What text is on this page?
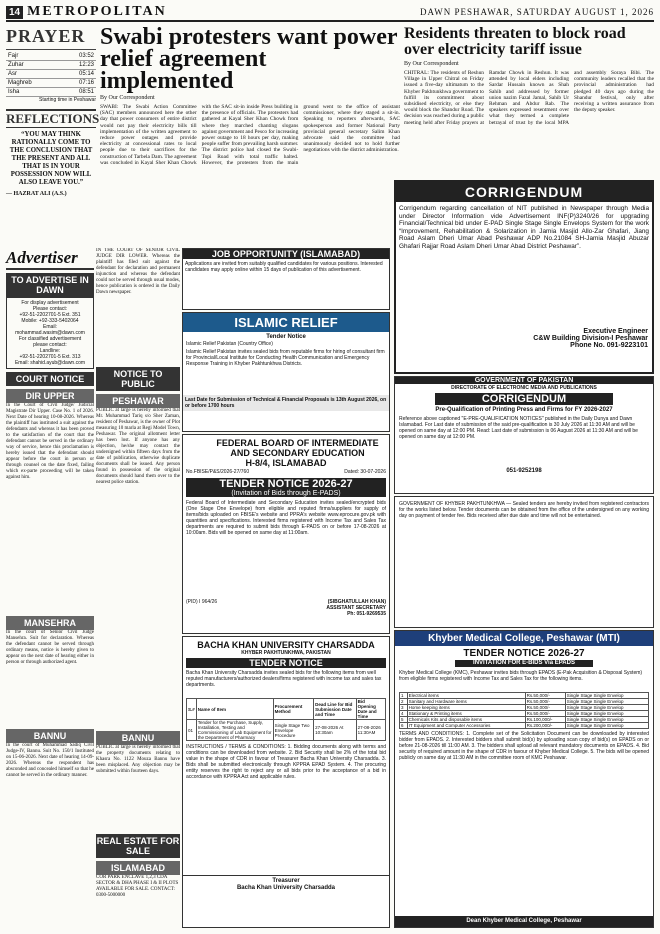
14 METROPOLITAN	DAWN PESHAWAR, SATURDAY AUGUST 1, 2026
PRAYER
Fajr	03:52
Zuhar	12:23
Asr	05:14
Maghreb	07:16
Isha	08:51
Starting time in Peshawar
REFLECTIONS
“YOU MAY THINK RATIONALLY COME TO THE CONCLUSION THAT THE PRESENT AND ALL THAT IS IN YOUR POSSESSION NOW WILL ALSO LEAVE YOU.”
— HAZRAT ALI (A.S.)
Swabi protesters want power relief agreement implemented
By Our Correspondent
SWABI: The Swabi Action Committee (SAC) members announced here the other day that power consumers of entire district would not pay their electricity bills till implementation of the written agreement to reduce power outages and provide electricity at concessional rates to local people due to their sacrifices for the construction of Tarbela Dam. The agreement was concluded in Kayal Sher Khan Chowk with the SAC sit-in inside Press building in the presence of officials. The protesters had gathered at Kayal Sher Khan Chowk from where they marched chanting slogans against government and Pesco for increasing power outage to 18 hours per day, making people suffer from prevailing harsh summer. The district police had closed the Swabi-Topi Road with total traffic halted. However, the protesters from the main ground went to the office of assistant commissioner, where they staged a sit-in. Speaking to reporters afterwards, SAC spokesperson and former National Party provincial general secretary Salim Khan advocate said the committee had unanimously decided not to hold further negotiations with the district administration.
Residents threaten to block road over electricity tariff issue
By Our Correspondent
CHITRAL: The residents of Reshun Village in Upper Chitral on Friday issued a five-day ultimatum to the Khyber Pakhtunkhwa government to fulfill its commitment about subsidised electricity, or else they would block the Shandur Road. The decision was reached during a public meeting held after Friday prayers at Ramdar Chowk in Reshun. It was attended by local elders including Sardar Hussain known as Shah Sahib and addressed by former union nazim Fazal Jamal, Sahib Ur Rehman and Abdur Rab. The speakers expressed resentment over what they termed a complete betrayal of trust by the local MPA and assembly Soraya Bibi. The community leaders recalled that the provincial administration had pledged 40 days ago during the Shandur festival, only after receiving a written assurance from the deputy speaker.
Advertiser
TO ADVERTISE IN DAWN
For display advertisement
Please contact:
+92-51-2202701-5 Ext. 351
Mobile: +92-333-5402064
Email: mohammad.wasim@dawn.com
For classified advertisement
please contact:
Landline:
+92-51-2202701-5 Ext. 313
Email: shahid.ayub@dawn.com
COURT NOTICE
DIR UPPER
In the Court of Civil Judge/ Judicial Magistrate Dir Upper. Case No. 1 of 2026. Next Date of hearing 10-08-2026. Whereas the plaintiff has instituted a suit against the defendants and whereas it has been proved to the satisfaction of the court that the defendant cannot be served in the ordinary way of service, hence this proclamation is hereby issued that the defendant should appear before the court in person or through counsel on the date fixed, failing which ex-parte proceeding will be taken against him.
MANSEHRA
In the court of Senior Civil Judge Mansehra. Suit for declaration. Whereas the defendant cannot be served through ordinary means, notice is hereby given to appear on the next date of hearing either in person or through authorized agent.
BANNU
In the court of Muhammad Sadiq Civil Judge-IV, Bannu. Suit No. 150/1 Instituted on 15-06-2026. Next date of hearing 14-09-2026. Whereas the respondent has absconded and concealed himself so that he cannot be served in the ordinary manner.
IN THE COURT OF SENIOR CIVIL JUDGE DIR LOWER. Whereas the plaintiff has filed suit against the defendant for declaration and permanent injunction and whereas the defendant could not be served through usual modes, hence publication is ordered in the Daily Dawn newspaper.
NOTICE TO PUBLIC
PESHAWAR
PUBLIC at large is hereby informed that Mr. Muhammad Tariq s/o Sher Zaman, resident of Peshawar, is the owner of Plot measuring 10 marla at Regi Model Town, Peshawar. The original allotment letter has been lost. If anyone has any objection, he/she may contact the undersigned within fifteen days from the date of publication, otherwise duplicate documents shall be issued. Any person found in possession of the original documents should hand them over to the nearest police station.
BANNU
PUBLIC at large is hereby informed that the property documents relating to Khasra No. 1122 Mouza Bannu have been misplaced. Any objection may be submitted within fourteen days.
REAL ESTATE FOR SALE
ISLAMABAD
COR PARK ENCLAVE 1,2,3 CDA SECTOR & DHA PHASE I & II PLOTS AVAILABLE FOR SALE. CONTACT: 0300-5000000
JOB OPPORTUNITY (ISLAMABAD)
Applications are invited from suitably qualified candidates for various positions. Interested candidates may apply online within 15 days of publication of this advertisement.
ISLAMIC RELIEF
Tender Notice
Islamic Relief Pakistan (Country Office)
Islamic Relief Pakistan invites sealed bids from reputable firms for hiring of consultant firm for Provincial/Local Institute for Conducting Health Communication and Emergency Response Training in Khyber Pakhtunkhwa Districts.
Last Date for Submission of Technical & Financial Proposals is 13th August 2026, on or before 1700 hours
FEDERAL BOARD OF INTERMEDIATE AND SECONDARY EDUCATION
H-8/4, ISLAMABAD
No.FBISE/P&S/2026-27/760	Dated: 30-07-2026
TENDER NOTICE 2026-27
(Invitation of Bids through E-PADS)
Federal Board of Intermediate and Secondary Education invites sealed/encrypted bids (One Stage One Envelope) from eligible and reputed firms/suppliers for supply of items/bids uploaded on FBISE's website and PPRA's website www.eprocure.gov.pk with quantities and specifications. Interested firms registered with Income Tax and Sales Tax departments are required to submit bids through E-PADS on or before 17-08-2026 at 10:00am. Bids will be opened on same day at 11:00am.
(PID) I 964/26	(SIBGHATULLAH KHAN)
ASSISTANT SECRETARY
Ph: 051-9269535
BACHA KHAN UNIVERSITY CHARSADDA
KHYBER PAKHTUNKHWA, PAKISTAN
TENDER NOTICE
Bacha Khan University Charsadda invites sealed bids for the following items from well reputed manufacturers/authorized dealers/firms registered with income tax and sales tax departments.
S.#	Name of Item	Procurement Method	Dead Line for Bid Submission Date and Time	Bid Opening Date and Time
01	Tender for the Purchase, Supply, Installation, Testing and Commissioning of Lab Equipment for the Department of Pharmacy	Single Stage Two Envelope Procedure	27-08-2026 At 10:30am	27-08-2026 11:30AM
INSTRUCTIONS / TERMS & CONDITIONS: 1. Bidding documents along with terms and conditions can be downloaded from website. 2. Bid Security shall be 2% of the total bid value in the shape of CDR in favour of Treasurer Bacha Khan University Charsadda. 3. Bids shall be submitted electronically through KPPRA EPAD System. 4. The procuring entity reserves the right to reject any or all bids prior to the acceptance of a bid in accordance with KPPRA Act and applicable rules.
Treasurer
Bacha Khan University Charsadda
CORRIGENDUM
Corrigendum regarding cancellation of NIT published in Newspaper through Media under Director Information vide Advertisement INF(P)3240/26 for upgrading Financial/Technical bid under E-PAD Single Stage Single Envelops System for the work “Improvement, Rehabilitation & Solarization in Jamia Masjid Allo-Zar Ghafari, Jiang Road Aslam Dheri Umar Abad Peshawar ADP No.21084 SH-Jamia Masjid Abuzar Ghafari Rajjar Road Aslam Dheri Umar Abad District Peshawar”.
Executive Engineer
C&W Building Division-I Peshawar
Phone No. 091-9223101
GOVERNMENT OF PAKISTAN
DIRECTORATE OF ELECTRONIC MEDIA AND PUBLICATIONS
CORRIGENDUM
Pre-Qualification of Printing Press and Firms for FY 2026-2027
Reference above captioned "E-PRE-QUALIFICATION NOTICES" published in the Daily Dunya and Dawn Islamabad. For Last date of submission of the said pre-qualification is 30 July 2026 at 11:30 AM and will be opened on same day at 12:00 PM. Read: Last date of submission is 06 August 2026 at 11:30 AM and will be opened on same day at 12:00 PM.
051-9252198
GOVERNMENT OF KHYBER PAKHTUNKHWA — Sealed tenders are hereby invited from registered contractors for the works listed below. Tender documents can be obtained from the office of the undersigned on any working day on payment of tender fee. Bids received after due date and time will not be entertained.
Khyber Medical College, Peshawar (MTI)
TENDER NOTICE 2026-27
INVITATION FOR E-BIDS Via EPADS
Khyber Medical College (KMC), Peshawar invites bids through EPADS (E-Pak Acquisition & Disposal System) from eligible firms registered with Income Tax and Sales Tax for the following items.
1	Electrical items	Rs.50,000/-	Single Stage Single Envelop
2	Sanitary and Hardware items	Rs.50,000/-	Single Stage Single Envelop
3	Home keeping items	Rs.50,000/-	Single Stage Single Envelop
4	Stationary & Printing items	Rs.50,000/-	Single Stage Single Envelop
5	Chemicals Kits and disposable items	Rs.100,000/-	Single Stage Single Envelop
6	IT Equipment and Computer Accessories	Rs.200,000/-	Single Stage Single Envelop
TERMS AND CONDITIONS: 1. Complete set of the Solicitation Document can be downloaded by interested bidder from EPADS. 2. Interested bidders shall submit bid(s) by uploading scan copy of bid(s) on EPADS on or before 21-08-2026 till 11:00 AM. 3. The bidders shall upload all relevant mandatory documents on EPADS. 4. Bid security of required amount in the shape of CDR in favour of Khyber Medical College. 5. The bids will be opened publicly on same day at 11:30 AM in the committee room of KMC Peshawar.
Dean Khyber Medical College, Peshawar
